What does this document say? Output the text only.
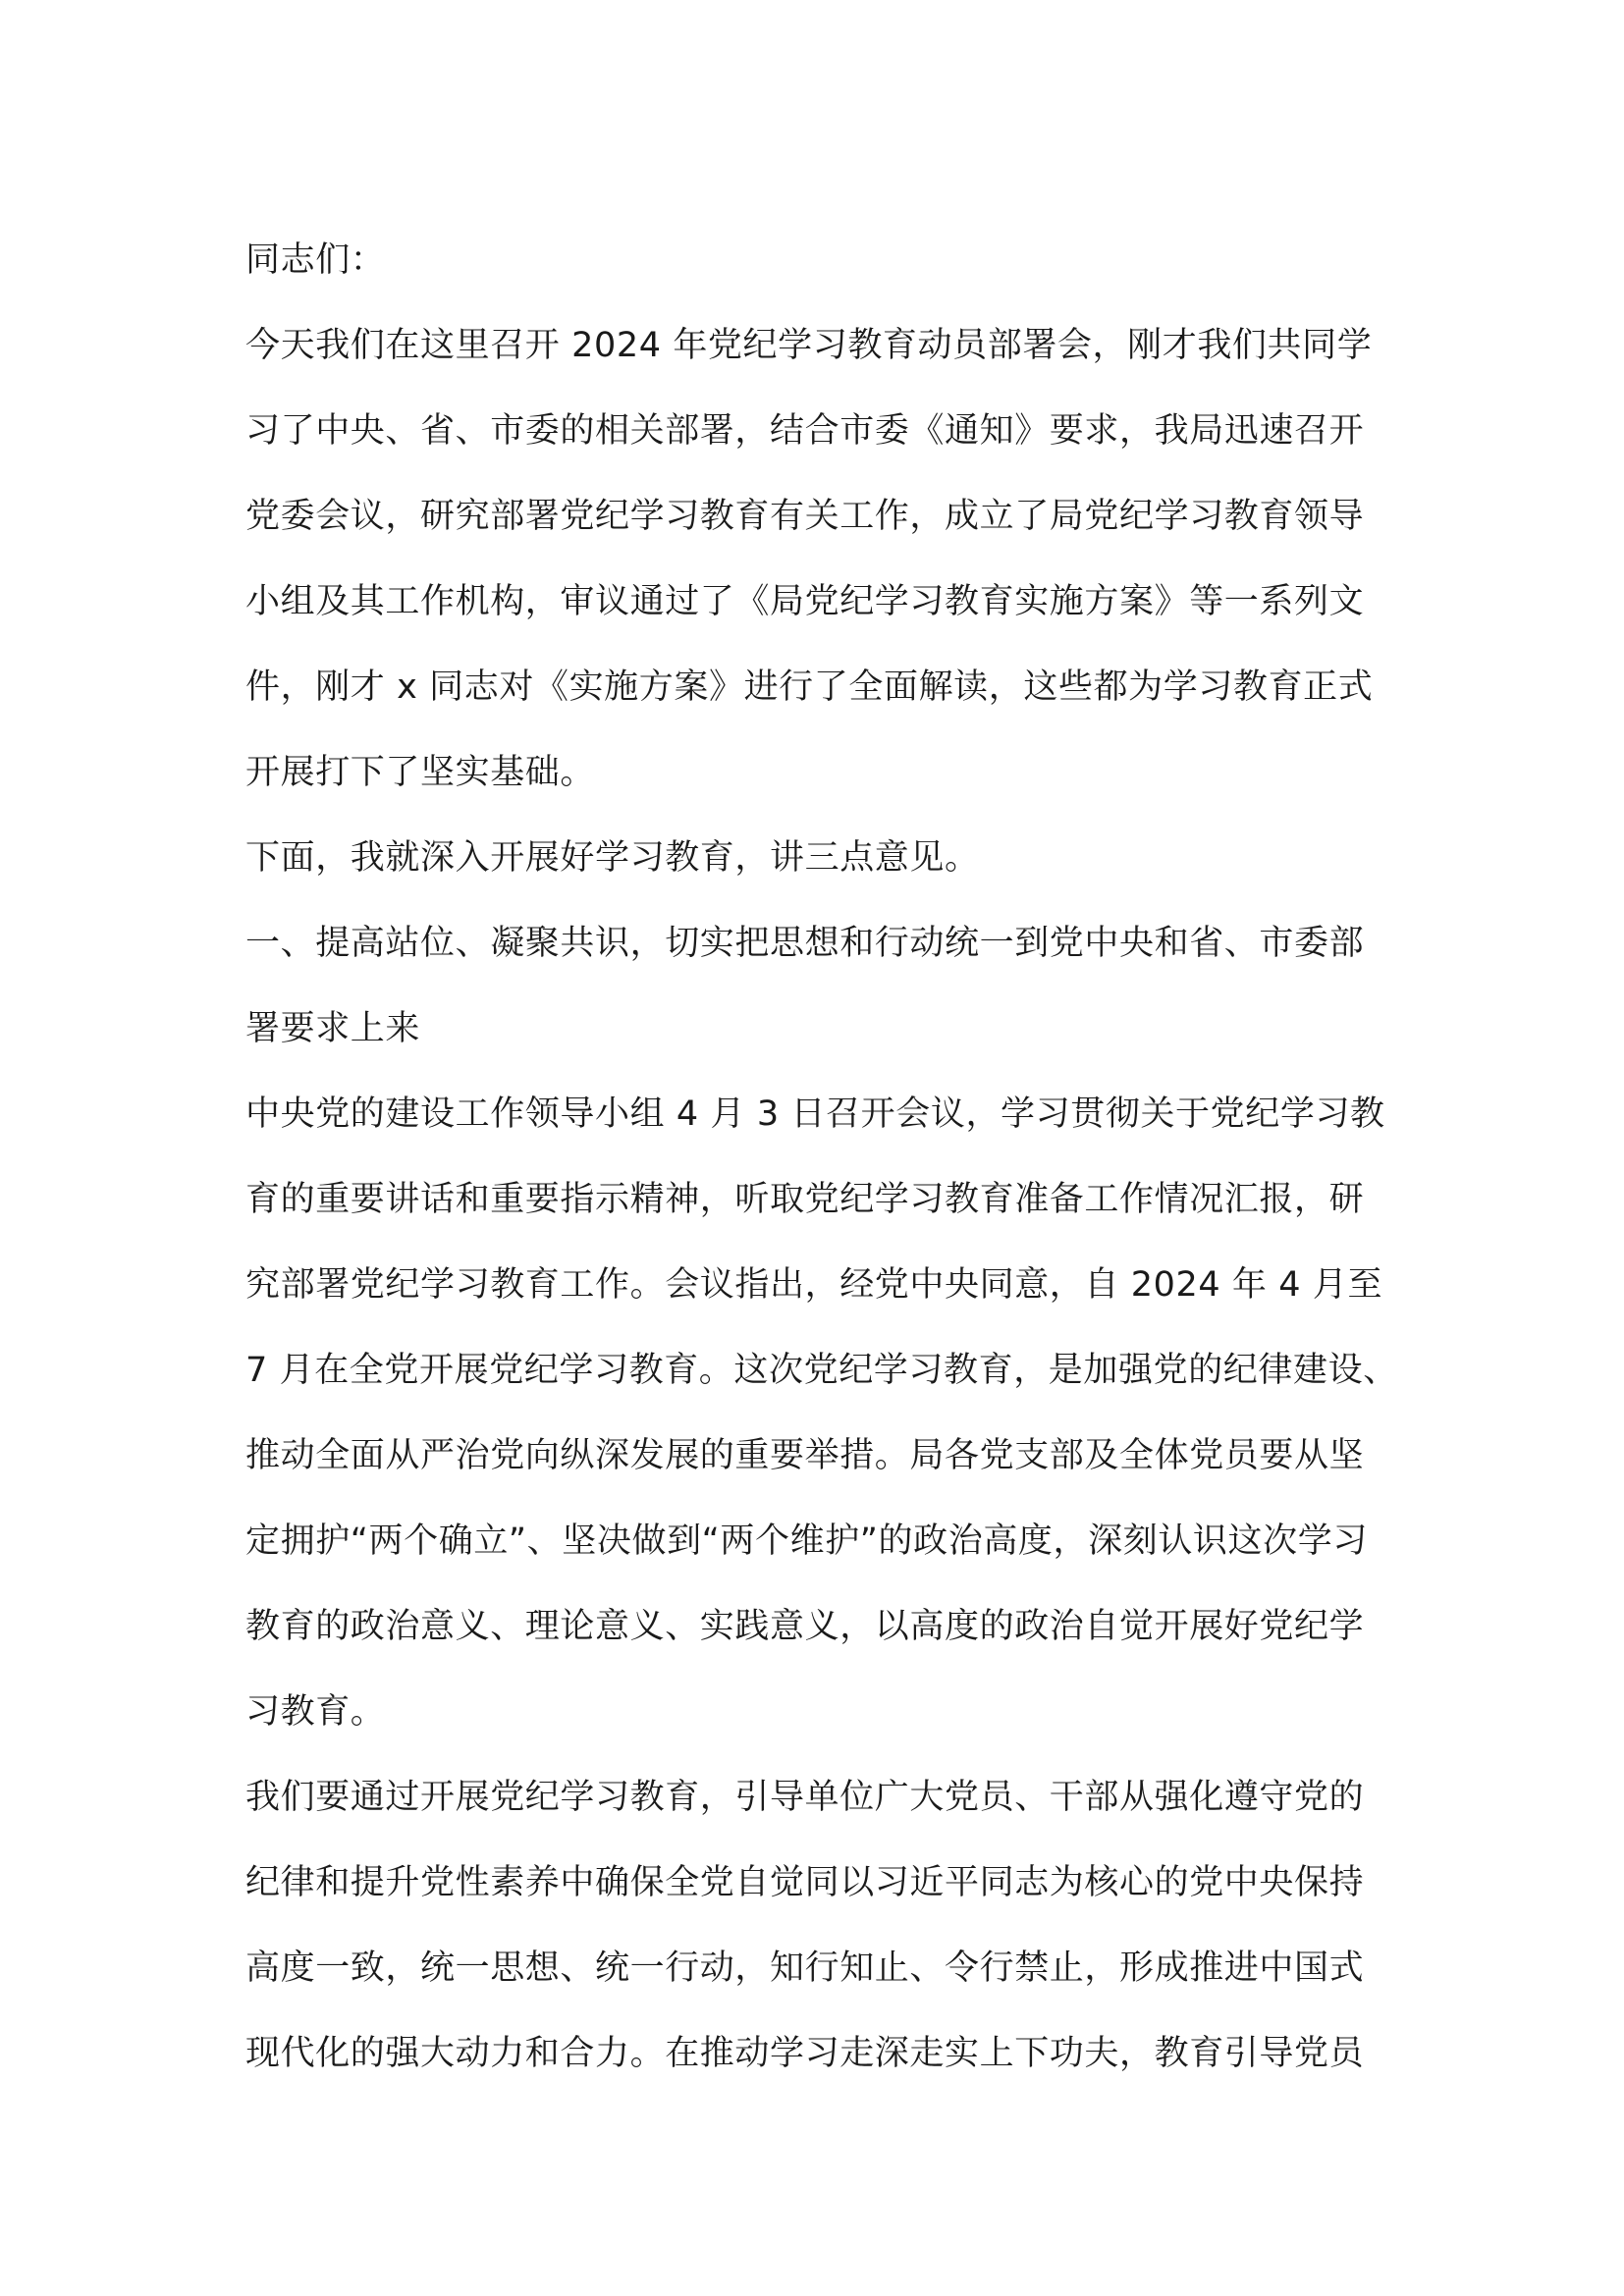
同志们：

今天我们在这里召开 2024 年党纪学习教育动员部署会，刚才我们共同学

习了中央、省、市委的相关部署，结合市委《通知》要求，我局迅速召开

党委会议，研究部署党纪学习教育有关工作，成立了局党纪学习教育领导

小组及其工作机构，审议通过了《局党纪学习教育实施方案》等一系列文

件，刚才 x 同志对《实施方案》进行了全面解读，这些都为学习教育正式

开展打下了坚实基础。

下面，我就深入开展好学习教育，讲三点意见。

一、提高站位、凝聚共识，切实把思想和行动统一到党中央和省、市委部

署要求上来

中央党的建设工作领导小组 4 月 3 日召开会议，学习贯彻关于党纪学习教

育的重要讲话和重要指示精神，听取党纪学习教育准备工作情况汇报，研

究部署党纪学习教育工作。会议指出，经党中央同意，自 2024 年 4 月至

7 月在全党开展党纪学习教育。这次党纪学习教育，是加强党的纪律建设、

推动全面从严治党向纵深发展的重要举措。局各党支部及全体党员要从坚

定拥护“两个确立”、坚决做到“两个维护”的政治高度，深刻认识这次学习

教育的政治意义、理论意义、实践意义，以高度的政治自觉开展好党纪学

习教育。

我们要通过开展党纪学习教育，引导单位广大党员、干部从强化遵守党的

纪律和提升党性素养中确保全党自觉同以习近平同志为核心的党中央保持

高度一致，统一思想、统一行动，知行知止、令行禁止，形成推进中国式

现代化的强大动力和合力。在推动学习走深走实上下功夫，教育引导党员
